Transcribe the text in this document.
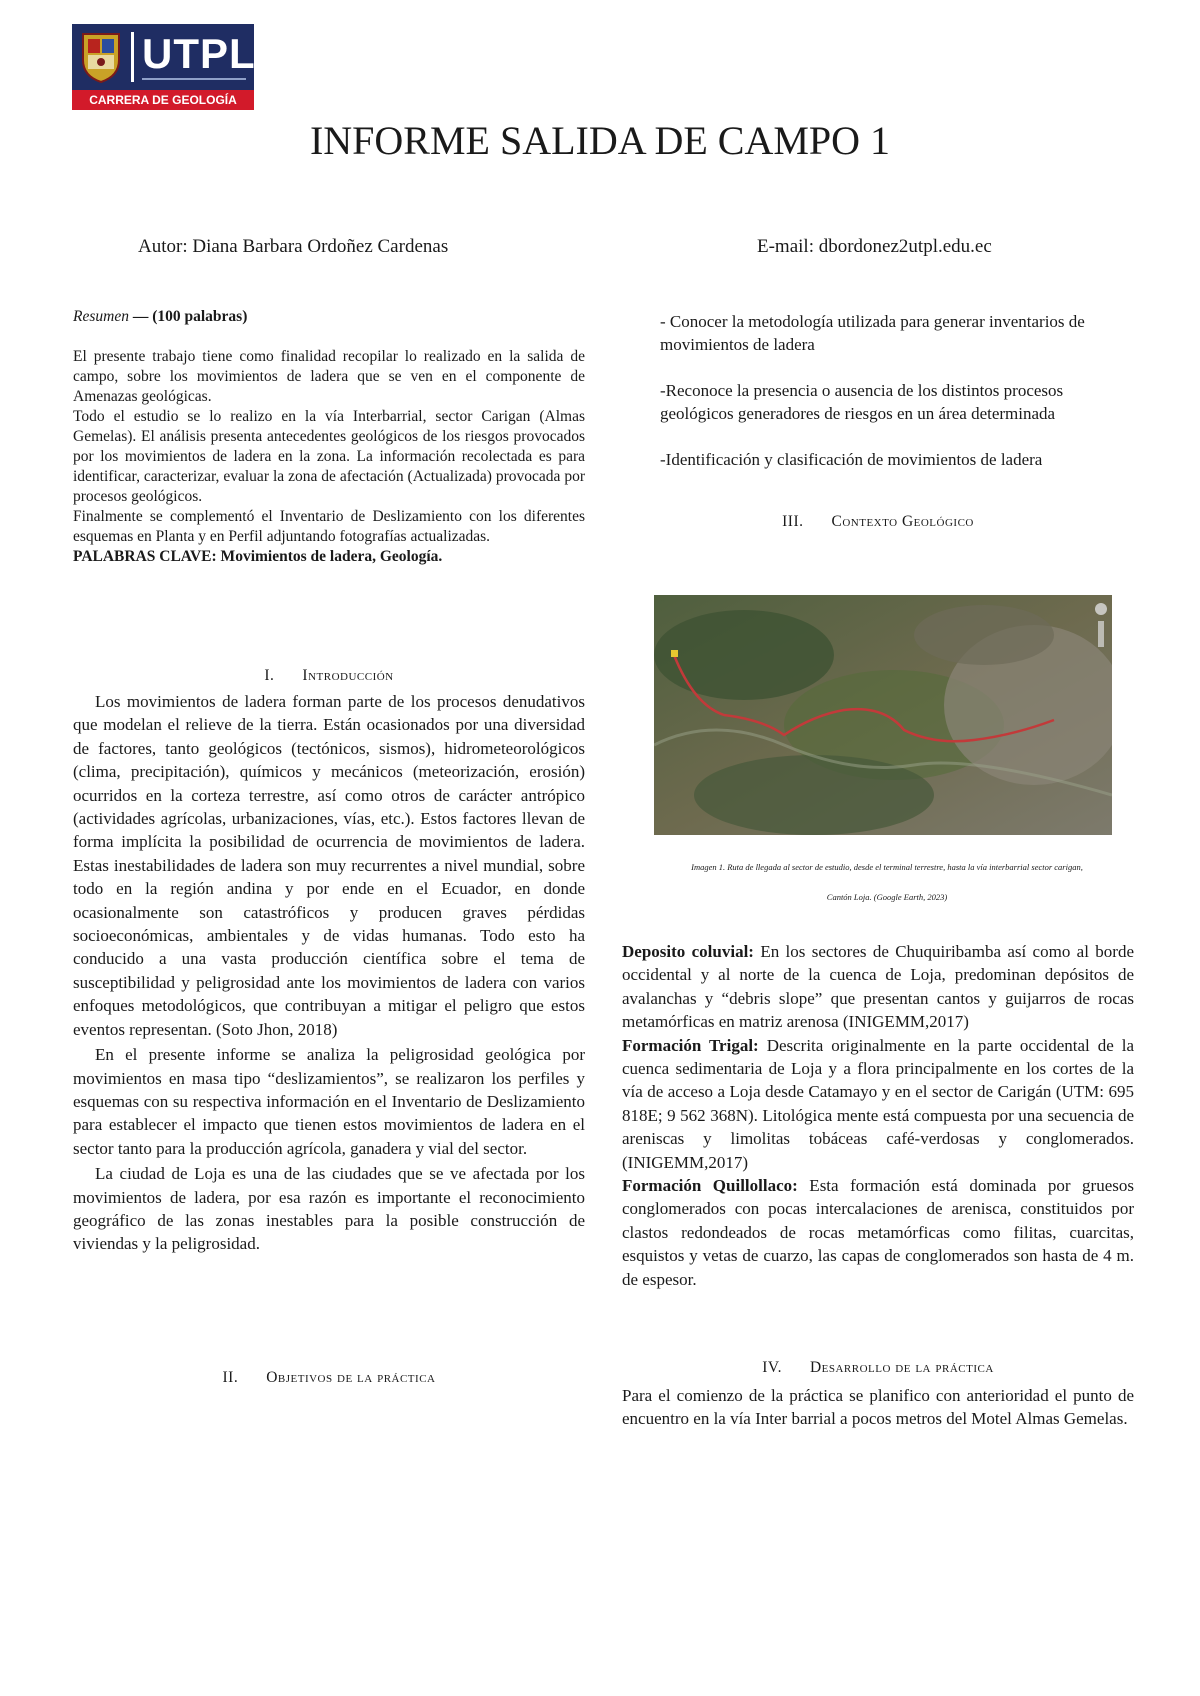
UTPL
CARRERA DE GEOLOGÍA
INFORME SALIDA DE CAMPO 1
Autor: Diana Barbara Ordoñez Cardenas	E-mail: dbordonez2utpl.edu.ec

Resumen — (100 palabras)

El presente trabajo tiene como finalidad recopilar lo realizado en la salida de campo, sobre los movimientos de ladera que se ven en el componente de Amenazas geológicas.

Todo el estudio se lo realizo en la vía Interbarrial, sector Carigan (Almas Gemelas). El análisis presenta antecedentes geológicos de los riesgos provocados por los movimientos de ladera en la zona. La información recolectada es para identificar, caracterizar, evaluar la zona de afectación (Actualizada) provocada por procesos geológicos.

Finalmente se complementó el Inventario de Deslizamiento con los diferentes esquemas en Planta y en Perfil adjuntando fotografías actualizadas.

PALABRAS CLAVE: Movimientos de ladera, Geología.

I. Introducción

Los movimientos de ladera forman parte de los procesos denudativos que modelan el relieve de la tierra. Están ocasionados por una diversidad de factores, tanto geológicos (tectónicos, sismos), hidrometeorológicos (clima, precipitación), químicos y mecánicos (meteorización, erosión) ocurridos en la corteza terrestre, así como otros de carácter antrópico (actividades agrícolas, urbanizaciones, vías, etc.). Estos factores llevan de forma implícita la posibilidad de ocurrencia de movimientos de ladera. Estas inestabilidades de ladera son muy recurrentes a nivel mundial, sobre todo en la región andina y por ende en el Ecuador, en donde ocasionalmente son catastróficos y producen graves pérdidas socioeconómicas, ambientales y de vidas humanas. Todo esto ha conducido a una vasta producción científica sobre el tema de susceptibilidad y peligrosidad ante los movimientos de ladera con varios enfoques metodológicos, que contribuyan a mitigar el peligro que estos eventos representan. (Soto Jhon, 2018)

En el presente informe se analiza la peligrosidad geológica por movimientos en masa tipo “deslizamientos”, se realizaron los perfiles y esquemas con su respectiva información en el Inventario de Deslizamiento para establecer el impacto que tienen estos movimientos de ladera en el sector tanto para la producción agrícola, ganadera y vial del sector.

La ciudad de Loja es una de las ciudades que se ve afectada por los movimientos de ladera, por esa razón es importante el reconocimiento geográfico de las zonas inestables para la posible construcción de viviendas y la peligrosidad.

II. Objetivos de la práctica

- Conocer la metodología utilizada para generar inventarios de movimientos de ladera

-Reconoce la presencia o ausencia de los distintos procesos geológicos generadores de riesgos en un área determinada

-Identificación y clasificación de movimientos de ladera

III. Contexto Geológico
Imagen 1. Ruta de llegada al sector de estudio, desde el terminal terrestre, hasta la vía interbarrial sector carigan,
Cantón Loja. (Google Earth, 2023)

Deposito coluvial: En los sectores de Chuquiribamba así como al borde occidental y al norte de la cuenca de Loja, predominan depósitos de avalanchas y “debris slope” que presentan cantos y guijarros de rocas metamórficas en matriz arenosa (INIGEMM,2017)

Formación Trigal: Descrita originalmente en la parte occidental de la cuenca sedimentaria de Loja y a flora principalmente en los cortes de la vía de acceso a Loja desde Catamayo y en el sector de Carigán (UTM: 695 818E; 9 562 368N). Litológica mente está compuesta por una secuencia de areniscas y limolitas tobáceas café-verdosas y conglomerados. (INIGEMM,2017)

Formación Quillollaco: Esta formación está dominada por gruesos conglomerados con pocas intercalaciones de arenisca, constituidos por clastos redondeados de rocas metamórficas como filitas, cuarcitas, esquistos y vetas de cuarzo, las capas de conglomerados son hasta de 4 m. de espesor.

IV. Desarrollo de la práctica

Para el comienzo de la práctica se planifico con anterioridad el punto de encuentro en la vía Inter barrial a pocos metros del Motel Almas Gemelas.
